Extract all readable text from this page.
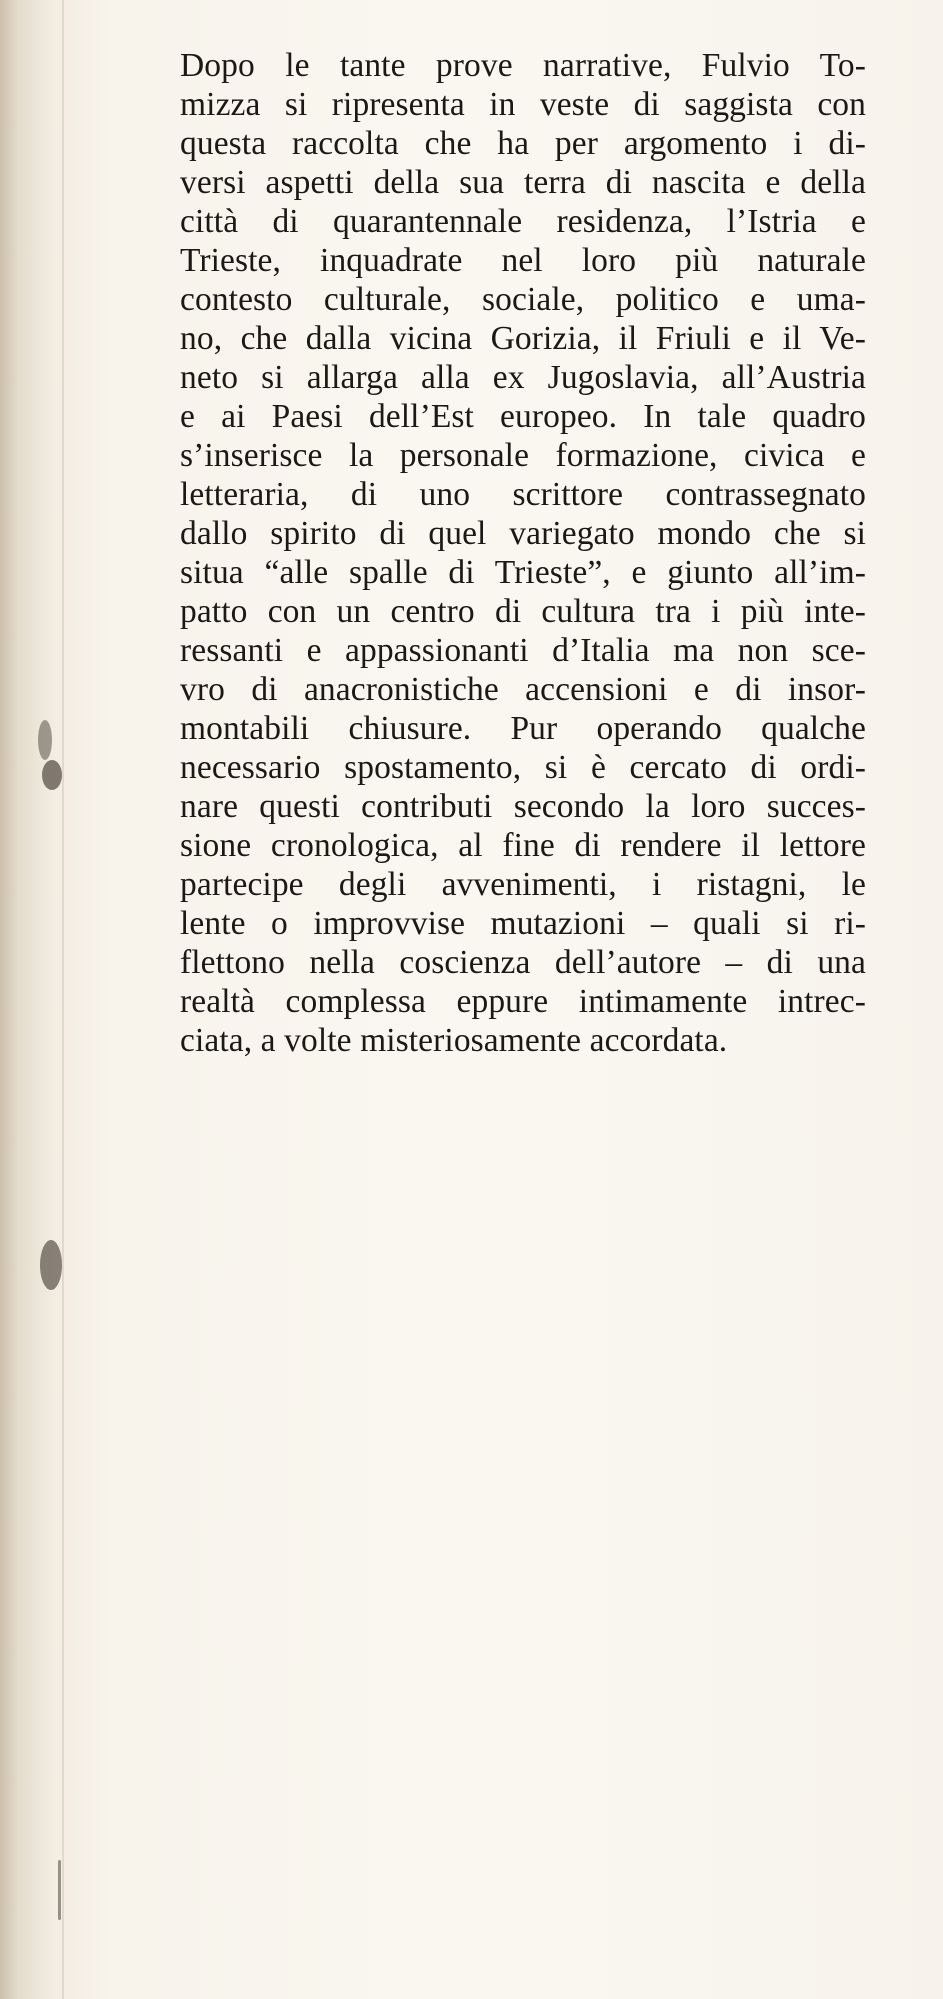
Dopo le tante prove narrative, Fulvio To-
mizza si ripresenta in veste di saggista con
questa raccolta che ha per argomento i di-
versi aspetti della sua terra di nascita e della
città di quarantennale residenza, l’Istria e
Trieste, inquadrate nel loro più naturale
contesto culturale, sociale, politico e uma-
no, che dalla vicina Gorizia, il Friuli e il Ve-
neto si allarga alla ex Jugoslavia, all’Austria
e ai Paesi dell’Est europeo. In tale quadro
s’inserisce la personale formazione, civica e
letteraria, di uno scrittore contrassegnato
dallo spirito di quel variegato mondo che si
situa “alle spalle di Trieste”, e giunto all’im-
patto con un centro di cultura tra i più inte-
ressanti e appassionanti d’Italia ma non sce-
vro di anacronistiche accensioni e di insor-
montabili chiusure. Pur operando qualche
necessario spostamento, si è cercato di ordi-
nare questi contributi secondo la loro succes-
sione cronologica, al fine di rendere il lettore
partecipe degli avvenimenti, i ristagni, le
lente o improvvise mutazioni – quali si ri-
flettono nella coscienza dell’autore – di una
realtà complessa eppure intimamente intrec-
ciata, a volte misteriosamente accordata.
